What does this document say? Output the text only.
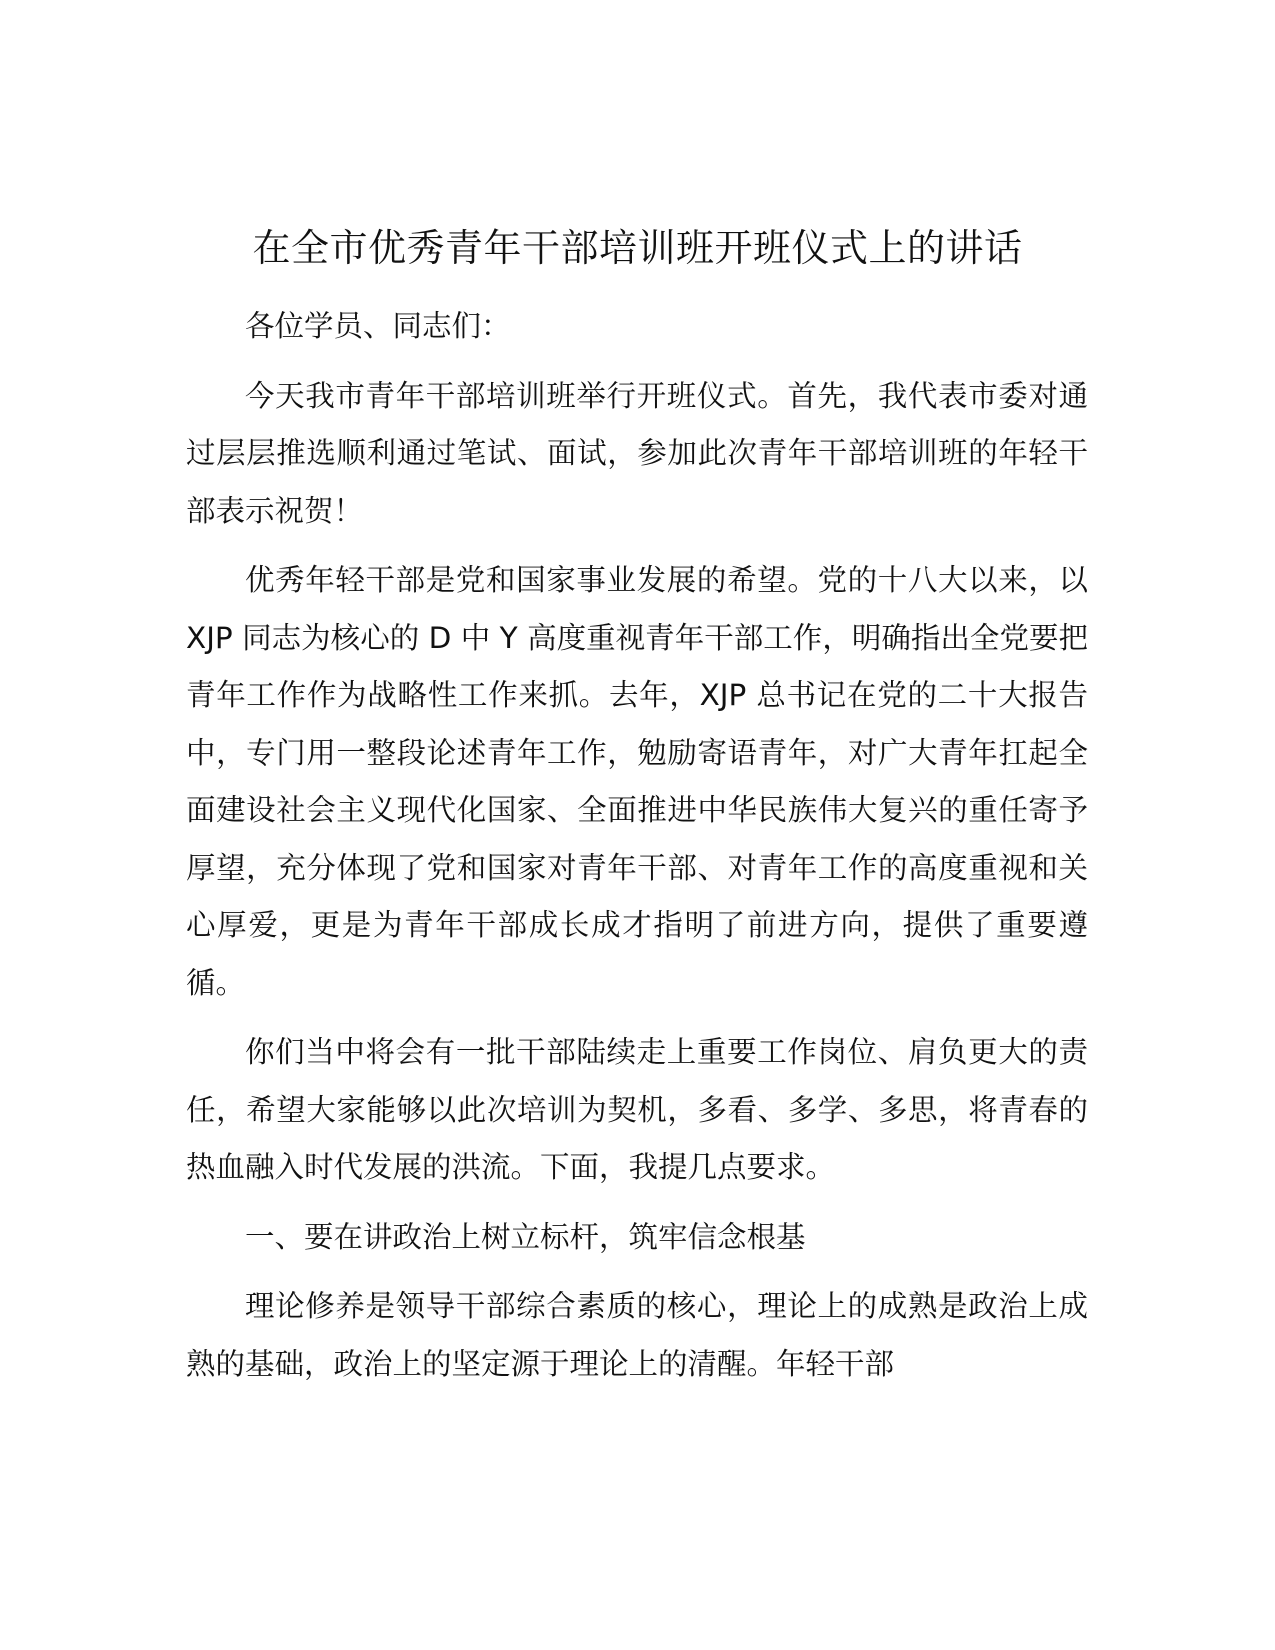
在全市优秀青年干部培训班开班仪式上的讲话

各位学员、同志们：

今天我市青年干部培训班举行开班仪式。首先，我代表市委对通过层层推选顺利通过笔试、面试，参加此次青年干部培训班的年轻干部表示祝贺！

优秀年轻干部是党和国家事业发展的希望。党的十八大以来，以 XJP 同志为核心的 D 中 Y 高度重视青年干部工作，明确指出全党要把青年工作作为战略性工作来抓。去年，XJP 总书记在党的二十大报告中，专门用一整段论述青年工作，勉励寄语青年，对广大青年扛起全面建设社会主义现代化国家、全面推进中华民族伟大复兴的重任寄予厚望，充分体现了党和国家对青年干部、对青年工作的高度重视和关心厚爱，更是为青年干部成长成才指明了前进方向，提供了重要遵循。

你们当中将会有一批干部陆续走上重要工作岗位、肩负更大的责任，希望大家能够以此次培训为契机，多看、多学、多思，将青春的热血融入时代发展的洪流。下面，我提几点要求。

一、要在讲政治上树立标杆，筑牢信念根基

理论修养是领导干部综合素质的核心，理论上的成熟是政治上成熟的基础，政治上的坚定源于理论上的清醒。年轻干部
